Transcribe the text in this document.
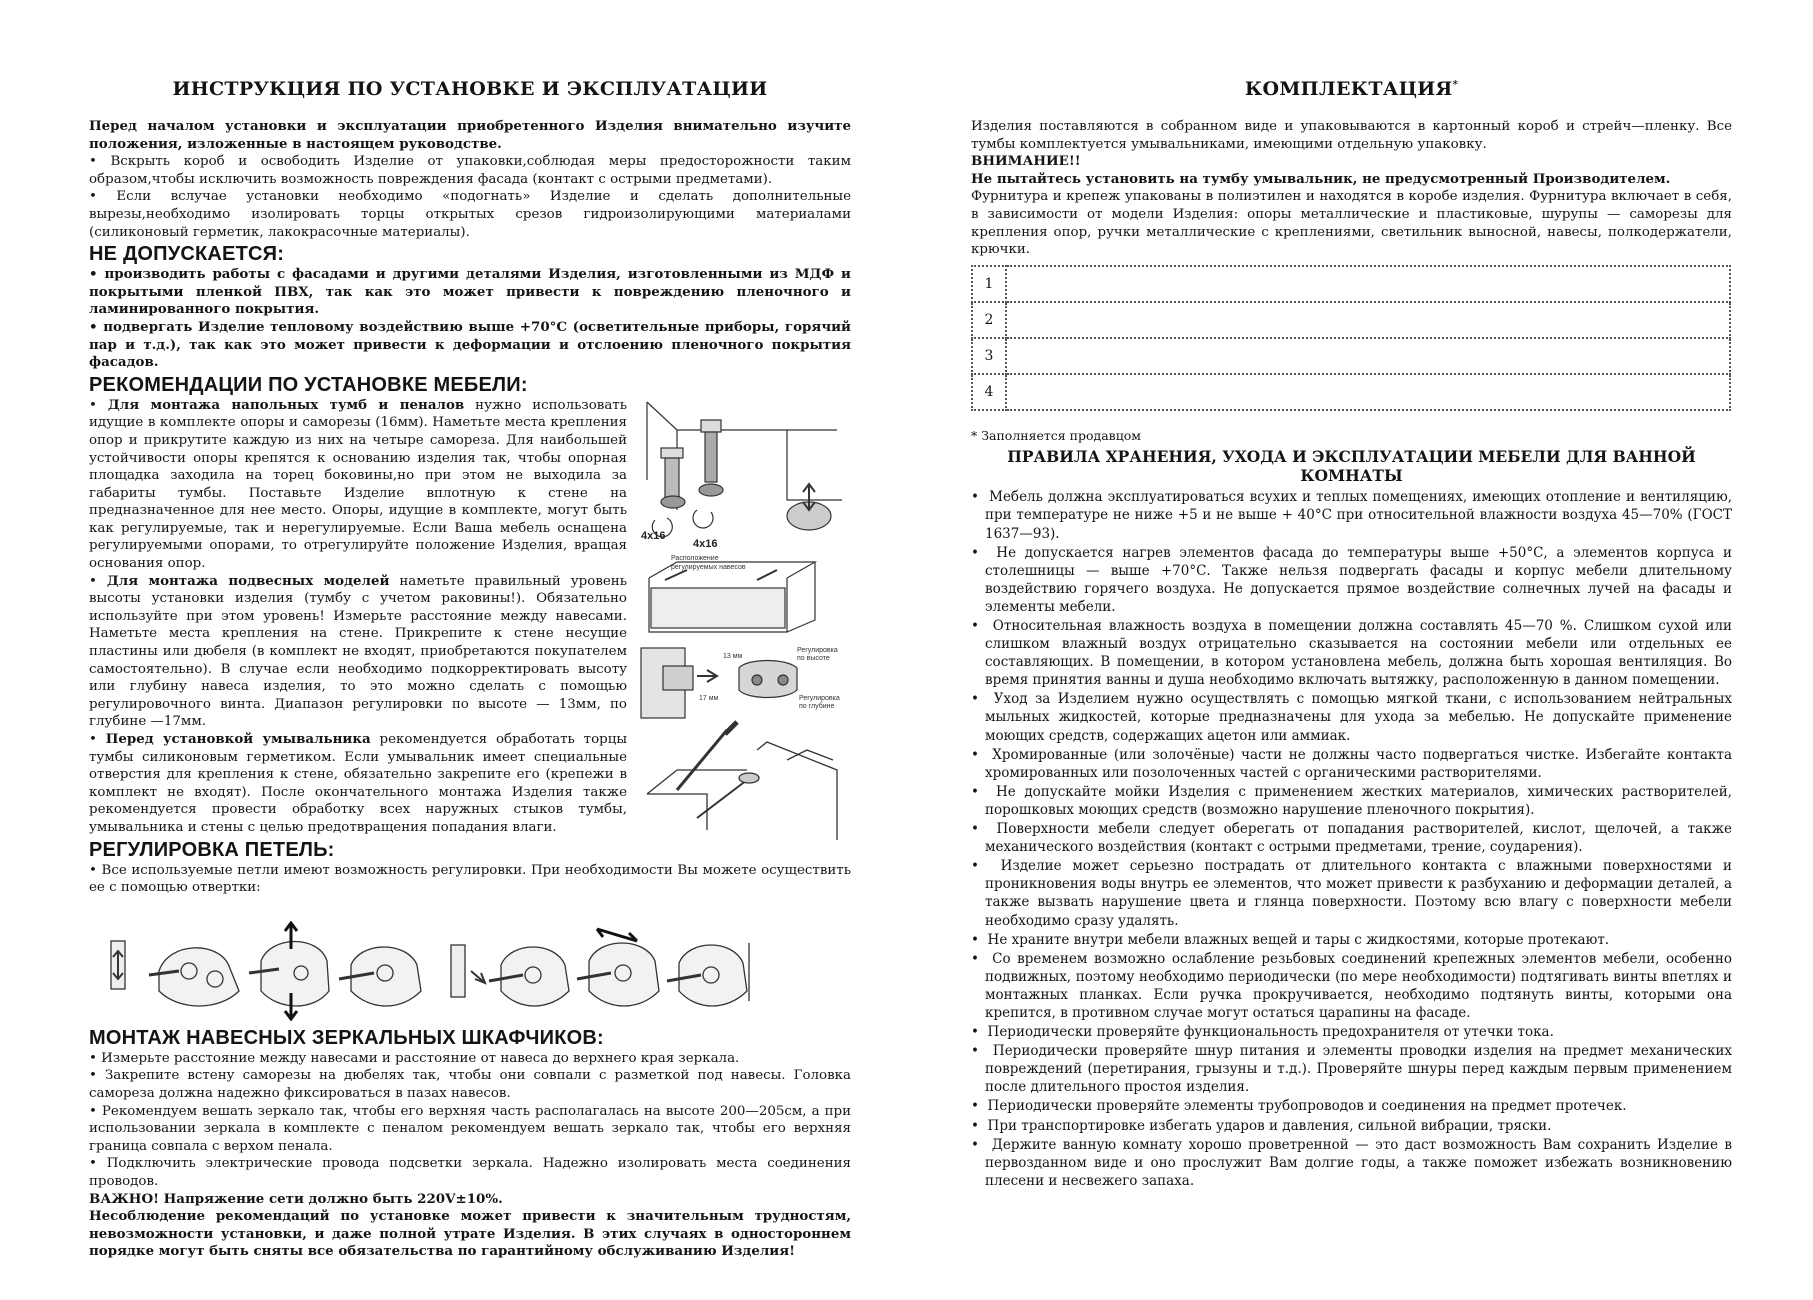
ИНСТРУКЦИЯ ПО УСТАНОВКЕ И ЭКСПЛУАТАЦИИ

Перед началом установки и эксплуатации приобретенного Изделия внимательно изучите положения, изложенные в настоящем руководстве.

• Вскрыть короб и освободить Изделие от упаковки,соблюдая меры предосторожности таким образом,чтобы исключить возможность повреждения фасада (контакт с острыми предметами).

• Если вслучае установки необходимо «подогнать» Изделие и сделать дополнительные вырезы,необходимо изолировать торцы открытых срезов гидроизолирующими материалами (силиконовый герметик, лакокрасочные материалы).

НЕ ДОПУСКАЕТСЯ:

• производить работы с фасадами и другими деталями Изделия, изготовленными из МДФ и покрытыми пленкой ПВХ, так как это может привести к повреждению пленочного и ламинированного покрытия.

• подвергать Изделие тепловому воздействию выше +70°С (осветительные приборы, горячий пар и т.д.), так как это может привести к деформации и отслоению пленочного покрытия фасадов.

РЕКОМЕНДАЦИИ ПО УСТАНОВКЕ МЕБЕЛИ:
4x16
4x16
Расположение
регулируемых навесов
13 мм
17 мм
Регулировка
по высоте
Регулировка
по глубине

• Для монтажа напольных тумб и пеналов нужно использовать идущие в комплекте опоры и саморезы (16мм). Наметьте места крепления опор и прикрутите каждую из них на четыре самореза. Для наибольшей устойчивости опоры крепятся к основанию изделия так, чтобы опорная площадка заходила на торец боковины,но при этом не выходила за габариты тумбы. Поставьте Изделие вплотную к стене на предназначенное для нее место. Опоры, идущие в комплекте, могут быть как регулируемые, так и нерегулируемые. Если Ваша мебель оснащена регулируемыми опорами, то отрегулируйте положение Изделия, вращая основания опор.

• Для монтажа подвесных моделей наметьте правильный уровень высоты установки изделия (тумбу с учетом раковины!). Обязательно используйте при этом уровень! Измерьте расстояние между навесами. Наметьте места крепления на стене. Прикрепите к стене несущие пластины или дюбеля (в комплект не входят, приобретаются покупателем самостоятельно). В случае если необходимо подкорректировать высоту или глубину навеса изделия, то это можно сделать с помощью регулировочного винта. Диапазон регулировки по высоте — 13мм, по глубине —17мм.

• Перед установкой умывальника рекомендуется обработать торцы тумбы силиконовым герметиком. Если умывальник имеет специальные отверстия для крепления к стене, обязательно закрепите его (крепежи в комплект не входят). После окончательного монтажа Изделия также рекомендуется провести обработку всех наружных стыков тумбы, умывальника и стены с целью предотвращения попадания влаги.

РЕГУЛИРОВКА ПЕТЕЛЬ:

• Все используемые петли имеют возможность регулировки. При необходимости Вы можете осуществить ее с помощью отвертки:

МОНТАЖ НАВЕСНЫХ ЗЕРКАЛЬНЫХ ШКАФЧИКОВ:

• Измерьте расстояние между навесами и расстояние от навеса до верхнего края зеркала.

• Закрепите встену саморезы на дюбелях так, чтобы они совпали с разметкой под навесы. Головка самореза должна надежно фиксироваться в пазах навесов.

• Рекомендуем вешать зеркало так, чтобы его верхняя часть располагалась на высоте 200—205см, а при использовании зеркала в комплекте с пеналом рекомендуем вешать зеркало так, чтобы его верхняя граница совпала с верхом пенала.

• Подключить электрические провода подсветки зеркала. Надежно изолировать места соединения проводов.

ВАЖНО! Напряжение сети должно быть 220V±10%.

Несоблюдение рекомендаций по установке может привести к значительным трудностям, невозможности установки, и даже полной утрате Изделия. В этих случаях в одностороннем порядке могут быть сняты все обязательства по гарантийному обслуживанию Изделия!

КОМПЛЕКТАЦИЯ*

Изделия поставляются в собранном виде и упаковываются в картонный короб и стрейч—пленку. Все тумбы комплектуется умывальниками, имеющими отдельную упаковку.

ВНИМАНИЕ!!

Не пытайтесь установить на тумбу умывальник, не предусмотренный Производителем.

Фурнитура и крепеж упакованы в полиэтилен и находятся в коробе изделия. Фурнитура включает в себя, в зависимости от модели Изделия: опоры металлические и пластиковые, шурупы — саморезы для крепления опор, ручки металлические с креплениями, светильник выносной, навесы, полкодержатели, крючки.

1	
2	
3	
4	

* Заполняется продавцом

ПРАВИЛА ХРАНЕНИЯ, УХОДА И ЭКСПЛУАТАЦИИ МЕБЕЛИ ДЛЯ ВАННОЙ КОМНАТЫ
•  Мебель должна эксплуатироваться всухих и теплых помещениях, имеющих отопление и вентиляцию, при температуре не ниже +5 и не выше + 40°С при относительной влажности воздуха 45—70% (ГОСТ 1637—93).
•  Не допускается нагрев элементов фасада до температуры выше +50°С, а элементов корпуса и столешницы — выше +70°С. Также нельзя подвергать фасады и корпус мебели длительному воздействию горячего воздуха. Не допускается прямое воздействие солнечных лучей на фасады и элементы мебели.
•  Относительная влажность воздуха в помещении должна составлять 45—70 %. Слишком сухой или слишком влажный воздух отрицательно сказывается на состоянии мебели или отдельных ее составляющих. В помещении, в котором установлена мебель, должна быть хорошая вентиляция. Во время принятия ванны и душа необходимо включать вытяжку, расположенную в данном помещении.
•  Уход за Изделием нужно осуществлять с помощью мягкой ткани, с использованием нейтральных мыльных жидкостей, которые предназначены для ухода за мебелью. Не допускайте применение моющих средств, содержащих ацетон или аммиак.
•  Хромированные (или золочёные) части не должны часто подвергаться чистке. Избегайте контакта хромированных или позолоченных частей с органическими растворителями.
•  Не допускайте мойки Изделия с применением жестких материалов, химических растворителей, порошковых моющих средств (возможно нарушение пленочного покрытия).
•  Поверхности мебели следует оберегать от попадания растворителей, кислот, щелочей, а также механического воздействия (контакт с острыми предметами, трение, соударения).
•  Изделие может серьезно пострадать от длительного контакта с влажными поверхностями и проникновения воды внутрь ее элементов, что может привести к разбуханию и деформации деталей, а также вызвать нарушение цвета и глянца поверхности. Поэтому всю влагу с поверхности мебели необходимо сразу удалять.
•  Не храните внутри мебели влажных вещей и тары с жидкостями, которые протекают.
•  Со временем возможно ослабление резьбовых соединений крепежных элементов мебели, особенно подвижных, поэтому необходимо периодически (по мере необходимости) подтягивать винты впетлях и монтажных планках. Если ручка прокручивается, необходимо подтянуть винты, которыми она крепится, в противном случае могут остаться царапины на фасаде.
•  Периодически проверяйте функциональность предохранителя от утечки тока.
•  Периодически проверяйте шнур питания и элементы проводки изделия на предмет механических повреждений (перетирания, грызуны и т.д.). Проверяйте шнуры перед каждым первым применением после длительного простоя изделия.
•  Периодически проверяйте элементы трубопроводов и соединения на предмет протечек.
•  При транспортировке избегать ударов и давления, сильной вибрации, тряски.
•  Держите ванную комнату хорошо проветренной — это даст возможность Вам сохранить Изделие в первозданном виде и оно прослужит Вам долгие годы, а также поможет избежать возникновению плесени и несвежего запаха.
